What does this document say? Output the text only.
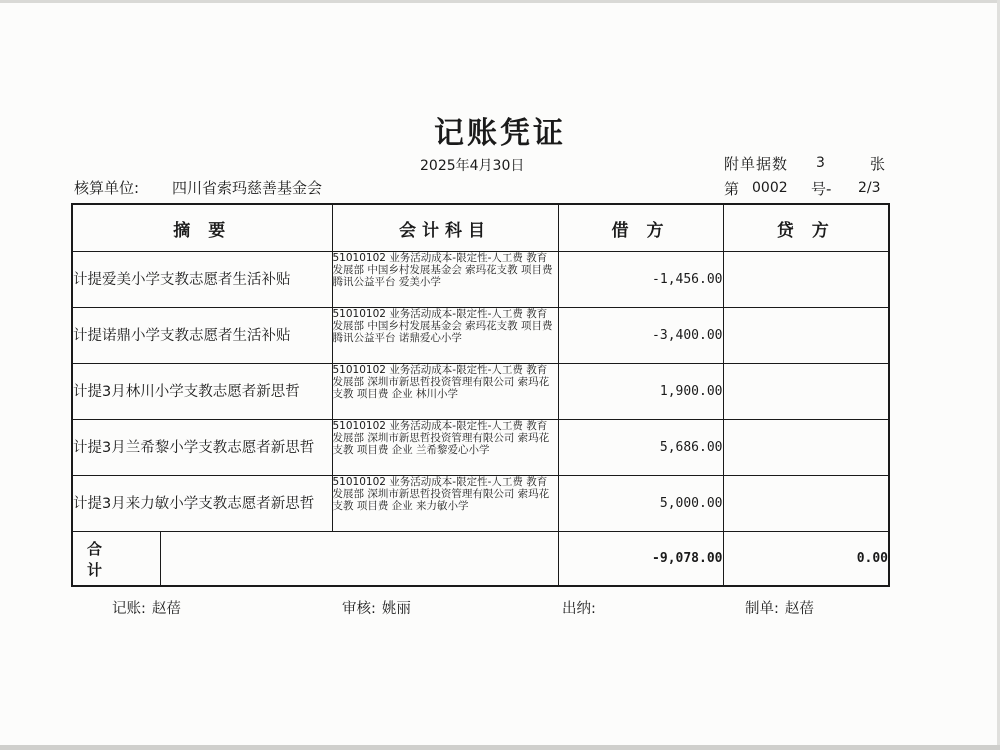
记账凭证
2025年4月30日	附单据数 3	张
核算单位: 四川省索玛慈善基金会	第 0002 号- 2/3
摘 要	会计科目	借 方	贷 方
计提爱美小学支教志愿者生活补贴	51010102 业务活动成本-限定性-人工费 教育发展部 中国乡村发展基金会 索玛花支教 项目费 腾讯公益平台 爱美小学	-1,456.00	
计提诺鼎小学支教志愿者生活补贴	51010102 业务活动成本-限定性-人工费 教育发展部 中国乡村发展基金会 索玛花支教 项目费 腾讯公益平台 诺鼎爱心小学	-3,400.00	
计提3月林川小学支教志愿者新思哲	51010102 业务活动成本-限定性-人工费 教育发展部 深圳市新思哲投资管理有限公司 索玛花支教 项目费 企业 林川小学	1,900.00	
计提3月兰希黎小学支教志愿者新思哲	51010102 业务活动成本-限定性-人工费 教育发展部 深圳市新思哲投资管理有限公司 索玛花支教 项目费 企业 兰希黎爱心小学	5,686.00	
计提3月来力敏小学支教志愿者新思哲	51010102 业务活动成本-限定性-人工费 教育发展部 深圳市新思哲投资管理有限公司 索玛花支教 项目费 企业 来力敏小学	5,000.00	

合 计		-9,078.00	0.00
记账: 赵蓓	审核: 姚丽	出纳:	制单: 赵蓓
